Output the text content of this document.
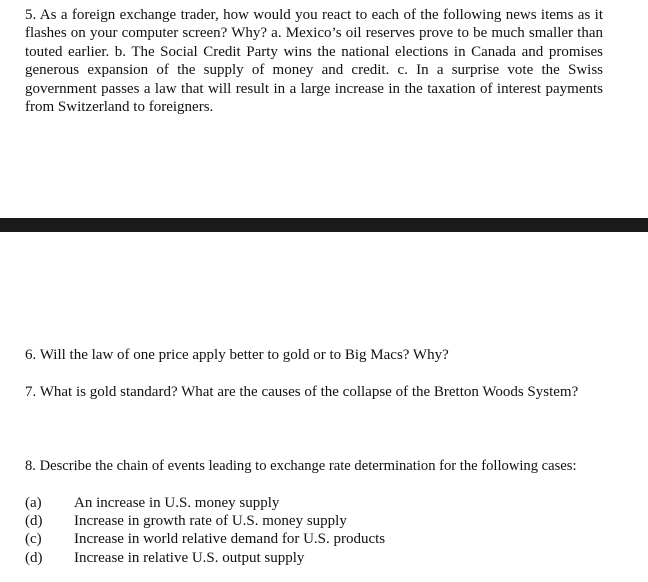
5. As a foreign exchange trader, how would you react to each of the following news items as it flashes on your computer screen? Why? a. Mexico’s oil reserves prove to be much smaller than touted earlier. b. The Social Credit Party wins the national elections in Canada and promises generous expansion of the supply of money and credit. c. In a surprise vote the Swiss government passes a law that will result in a large increase in the taxation of interest payments from Switzerland to foreigners.

6. Will the law of one price apply better to gold or to Big Macs? Why?

7. What is gold standard? What are the causes of the collapse of the Bretton Woods System?

8. Describe the chain of events leading to exchange rate determination for the following cases:

(a)	An increase in U.S. money supply
(d)	Increase in growth rate of U.S. money supply
(c)	Increase in world relative demand for U.S. products
(d)	Increase in relative U.S. output supply
